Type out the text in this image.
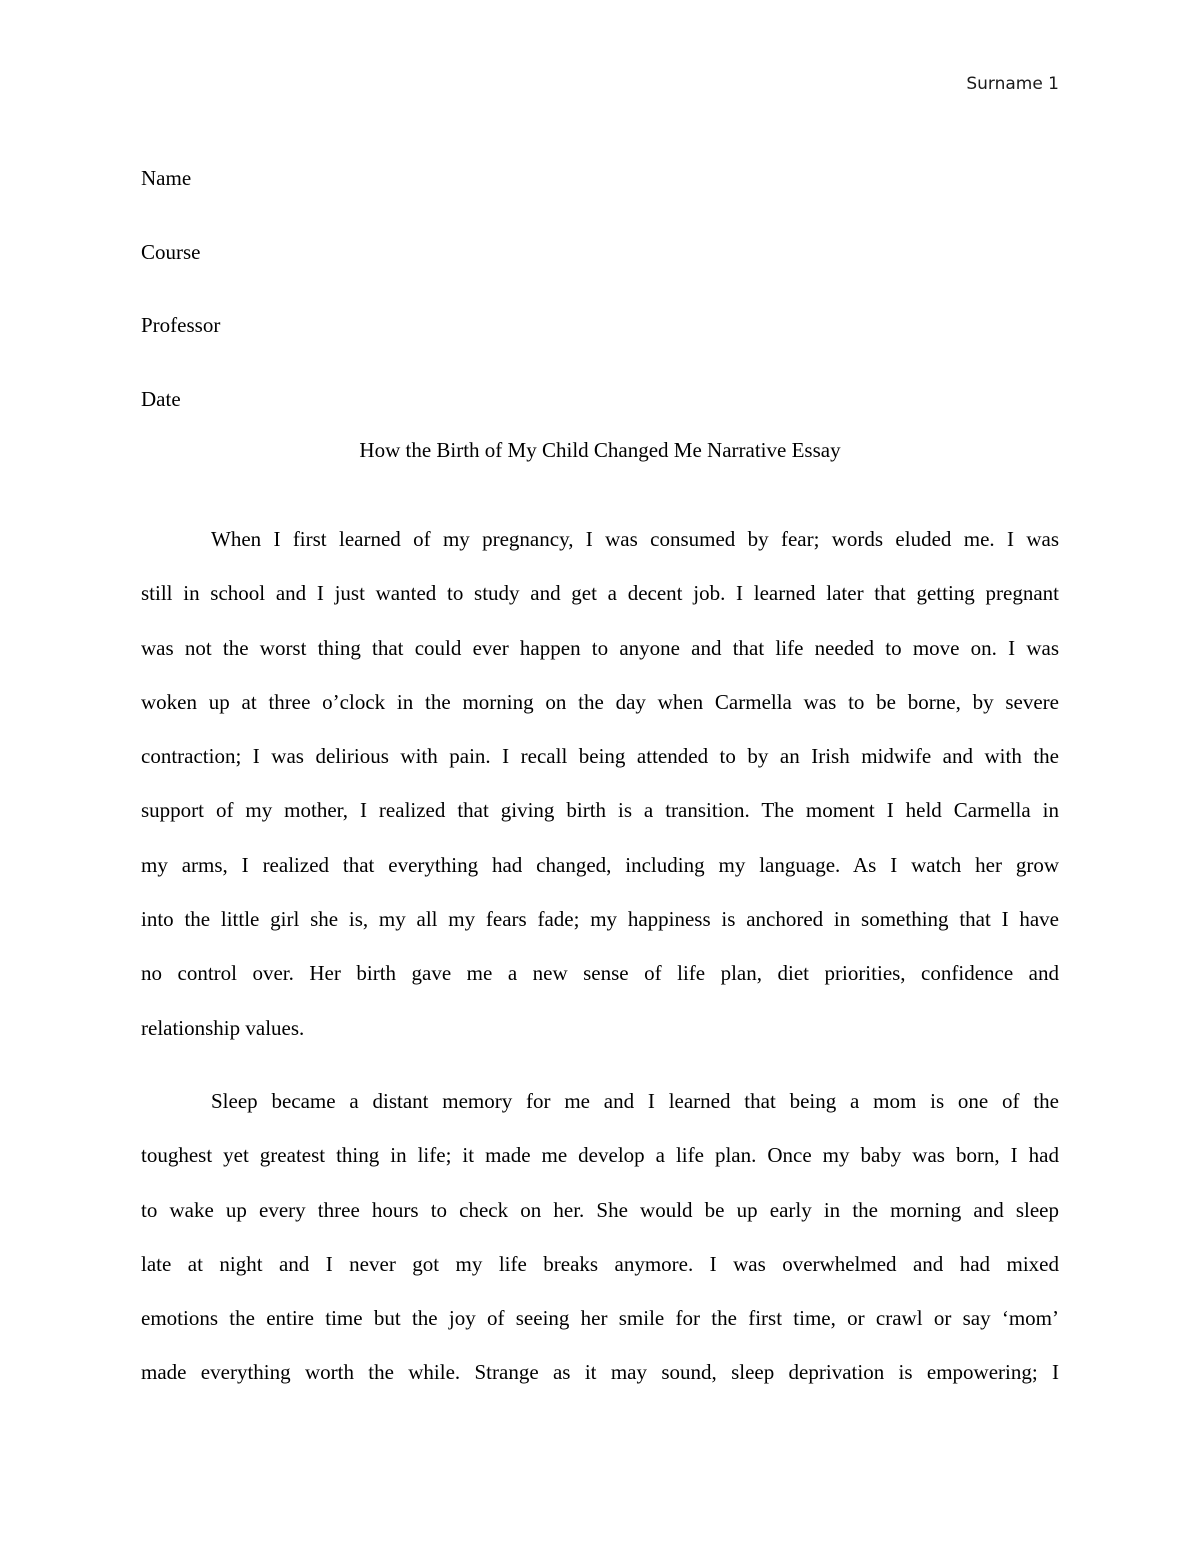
Surname 1
Name
Course
Professor
Date
How the Birth of My Child Changed Me Narrative Essay
When I first learned of my pregnancy, I was consumed by fear; words eluded me. I was
still in school and I just wanted to study and get a decent job. I learned later that getting pregnant
was not the worst thing that could ever happen to anyone and that life needed to move on. I was
woken up at three o’clock in the morning on the day when Carmella was to be borne, by severe
contraction; I was delirious with pain. I recall being attended to by an Irish midwife and with the
support of my mother, I realized that giving birth is a transition. The moment I held Carmella in
my arms, I realized that everything had changed, including my language. As I watch her grow
into the little girl she is, my all my fears fade; my happiness is anchored in something that I have
no control over. Her birth gave me a new sense of life plan, diet priorities, confidence and
relationship values.
Sleep became a distant memory for me and I learned that being a mom is one of the
toughest yet greatest thing in life; it made me develop a life plan. Once my baby was born, I had
to wake up every three hours to check on her. She would be up early in the morning and sleep
late at night and I never got my life breaks anymore. I was overwhelmed and had mixed
emotions the entire time but the joy of seeing her smile for the first time, or crawl or say ‘mom’
made everything worth the while. Strange as it may sound, sleep deprivation is empowering; I
